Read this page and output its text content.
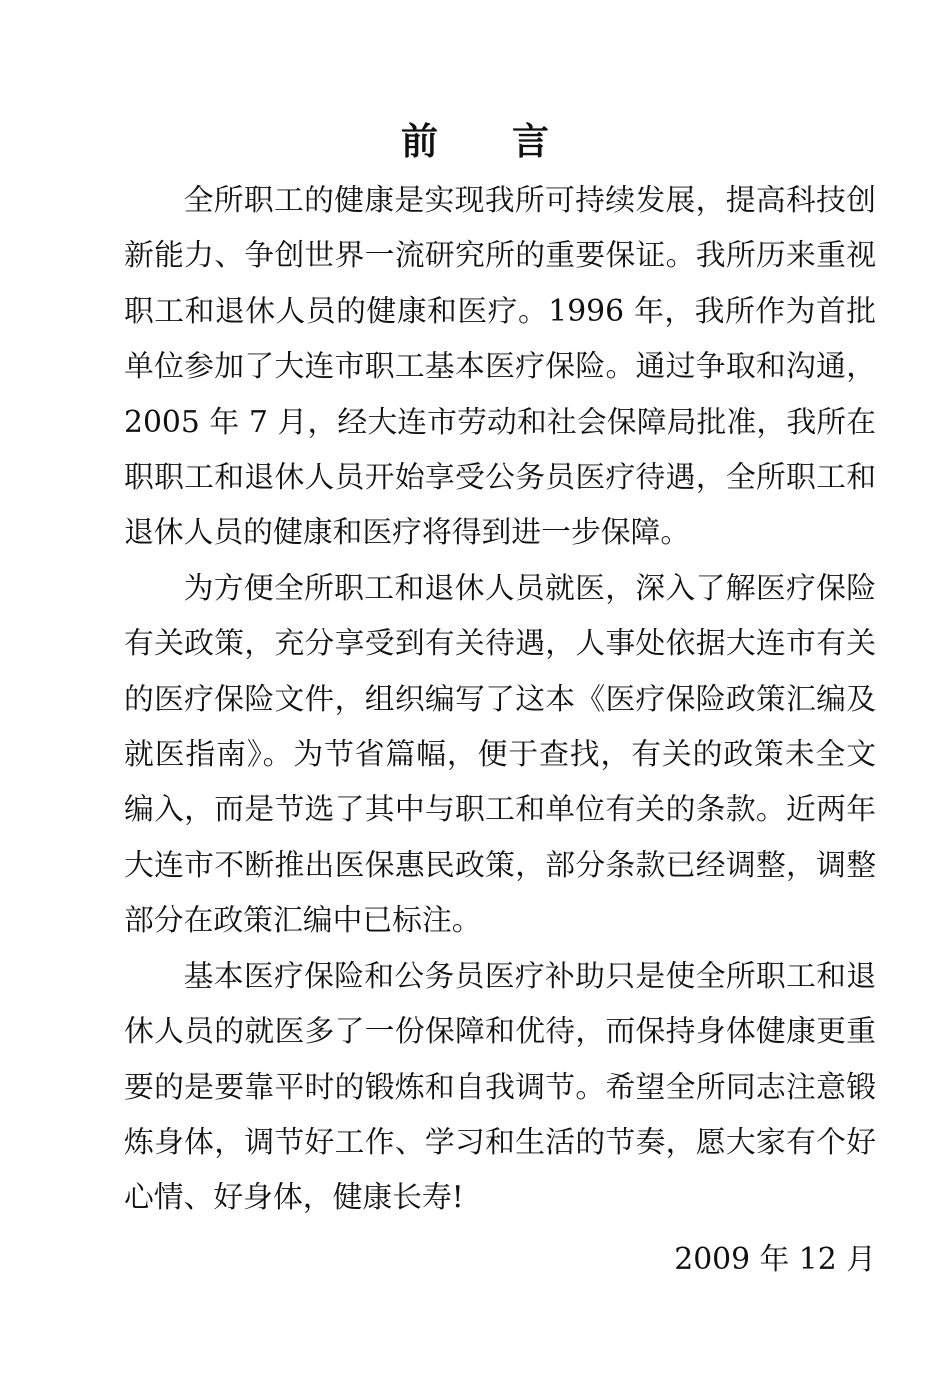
前言

全所职工的健康是实现我所可持续发展，提高科技创新能力、争创世界一流研究所的重要保证。我所历来重视职工和退休人员的健康和医疗。1996 年，我所作为首批单位参加了大连市职工基本医疗保险。通过争取和沟通，2005 年 7 月，经大连市劳动和社会保障局批准，我所在职职工和退休人员开始享受公务员医疗待遇，全所职工和退休人员的健康和医疗将得到进一步保障。

为方便全所职工和退休人员就医，深入了解医疗保险有关政策，充分享受到有关待遇，人事处依据大连市有关的医疗保险文件，组织编写了这本《医疗保险政策汇编及就医指南》。为节省篇幅，便于查找，有关的政策未全文编入，而是节选了其中与职工和单位有关的条款。近两年大连市不断推出医保惠民政策，部分条款已经调整，调整部分在政策汇编中已标注。

基本医疗保险和公务员医疗补助只是使全所职工和退休人员的就医多了一份保障和优待，而保持身体健康更重要的是要靠平时的锻炼和自我调节。希望全所同志注意锻炼身体，调节好工作、学习和生活的节奏，愿大家有个好心情、好身体，健康长寿!

2009 年 12 月
